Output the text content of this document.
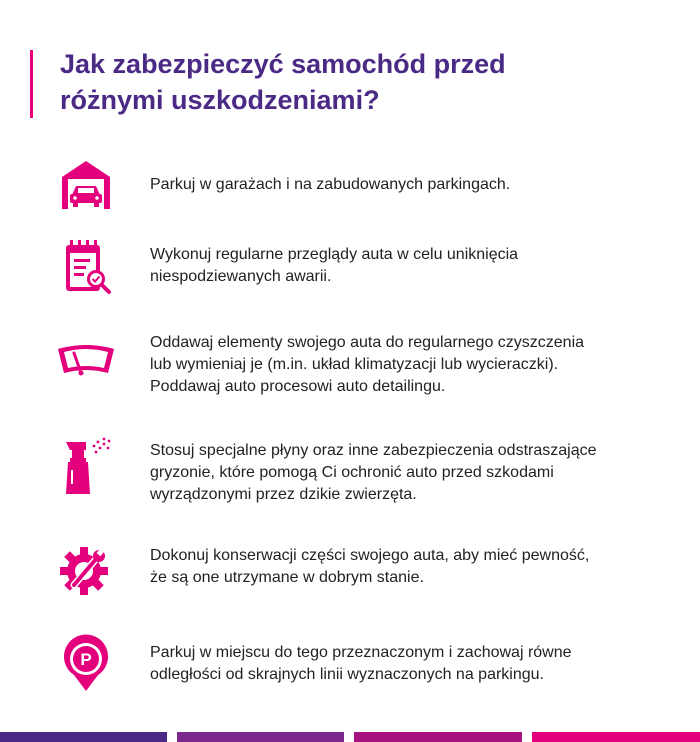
Jak zabezpieczyć samochód przed
różnymi uszkodzeniami?

Parkuj w garażach i na zabudowanych parkingach.

Wykonuj regularne przeglądy auta w celu uniknięcia
niespodziewanych awarii.

Oddawaj elementy swojego auta do regularnego czyszczenia
lub wymieniaj je (m.in. układ klimatyzacji lub wycieraczki).
Poddawaj auto procesowi auto detailingu.

Stosuj specjalne płyny oraz inne zabezpieczenia odstraszające
gryzonie, które pomogą Ci ochronić auto przed szkodami
wyrządzonymi przez dzikie zwierzęta.

Dokonuj konserwacji części swojego auta, aby mieć pewność,
że są one utrzymane w dobrym stanie.

P	Parkuj w miejscu do tego przeznaczonym i zachowaj równe
odległości od skrajnych linii wyznaczonych na parkingu.
